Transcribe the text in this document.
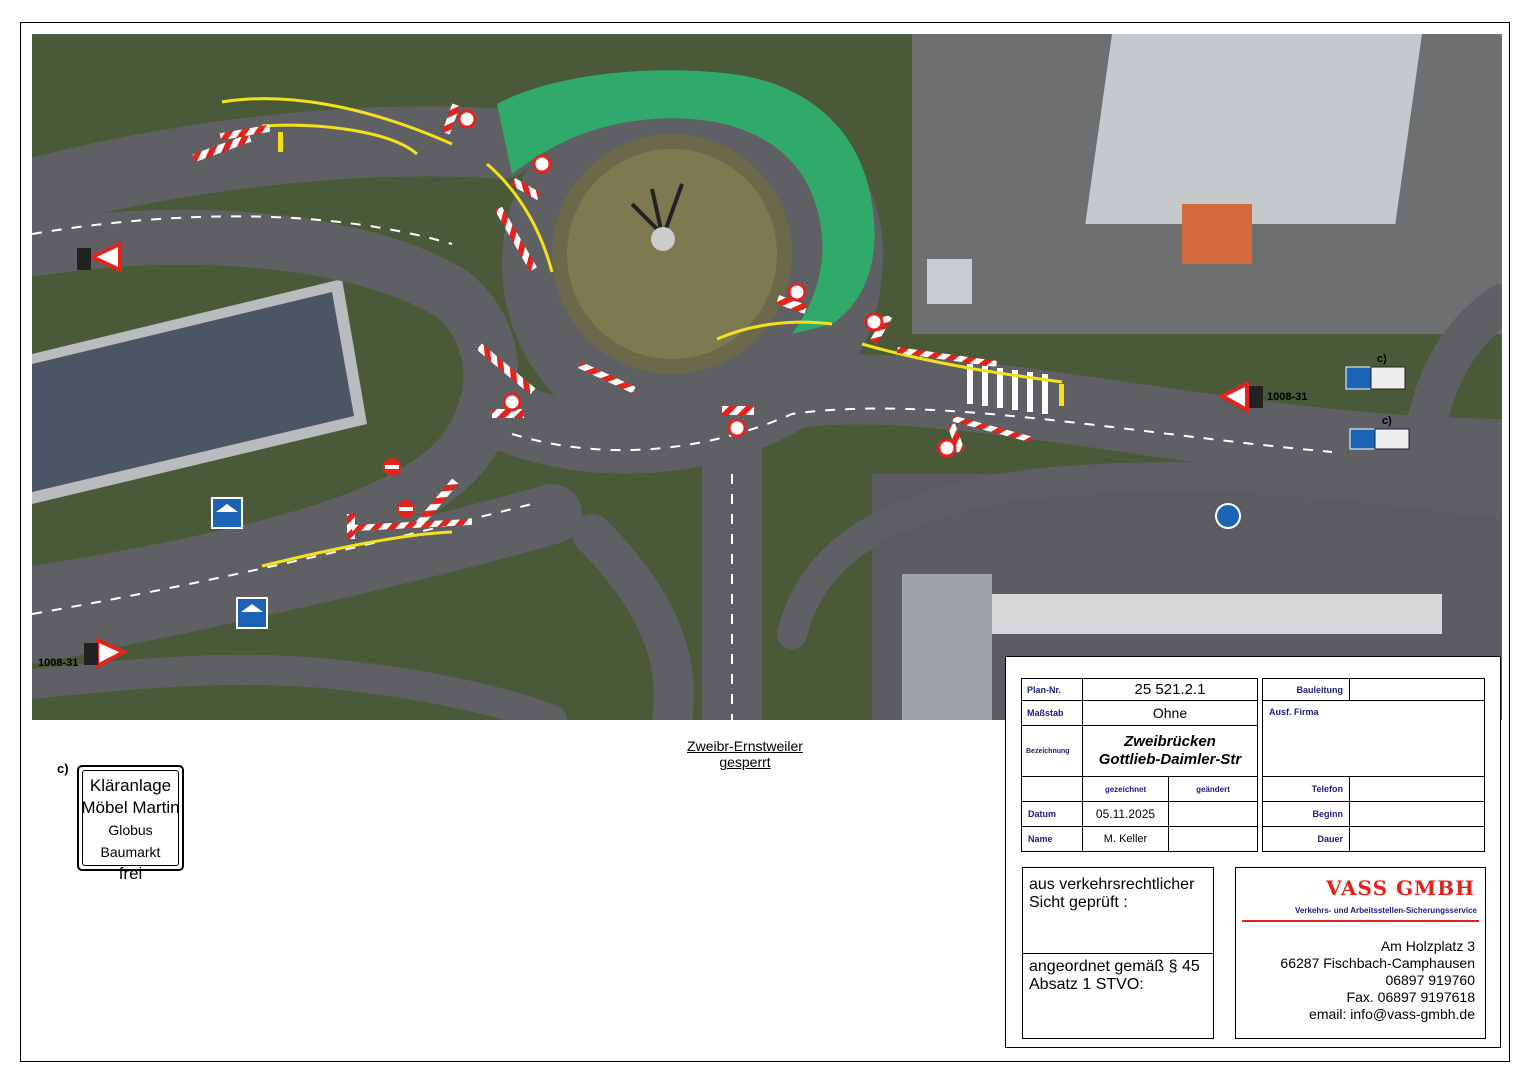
1008-31
1008-31
c)
c)
c)
Kläranlage
Möbel Martin
Globus Baumarkt
frei
Zweibr-Ernstweiler
gesperrt
Plan-Nr.	25 521.2.1
Maßstab	Ohne
Bezeichnung
Zweibrücken
Gottlieb-Daimler-Str
gezeichnet	geändert
Datum	05.11.2025
Name	M. Keller
Bauleitung
Ausf. Firma
Telefon
Beginn
Dauer
aus verkehrsrechtlicher
Sicht geprüft :
angeordnet gemäß § 45
Absatz 1 STVO:
VASS GMBH
Verkehrs- und Arbeitsstellen-Sicherungsservice
Am Holzplatz 3
66287 Fischbach-Camphausen
06897 919760
Fax. 06897 9197618
email: info@vass-gmbh.de
